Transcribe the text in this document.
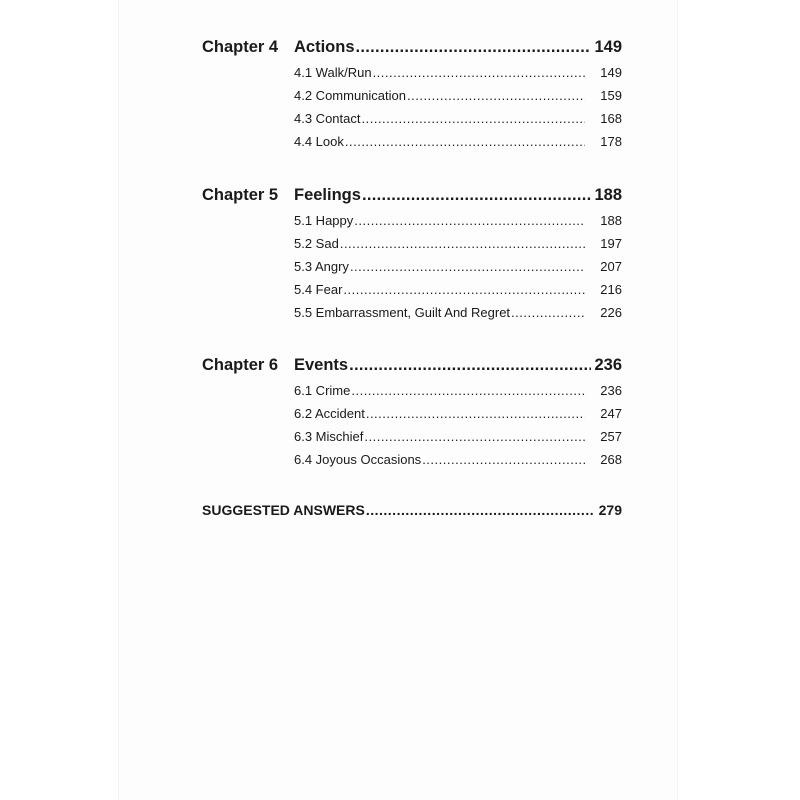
Chapter 4 Actions .....	149
4.1 Walk/Run .....	149
4.2 Communication .....	159
4.3 Contact .....	168
4.4 Look .....	178
Chapter 5 Feelings .....	188
5.1 Happy .....	188
5.2 Sad .....	197
5.3 Angry .....	207
5.4 Fear .....	216
5.5 Embarrassment, Guilt And Regret .....	226
Chapter 6 Events .....	236
6.1 Crime .....	236
6.2 Accident .....	247
6.3 Mischief .....	257
6.4 Joyous Occasions .....	268
SUGGESTED ANSWERS .....	279
